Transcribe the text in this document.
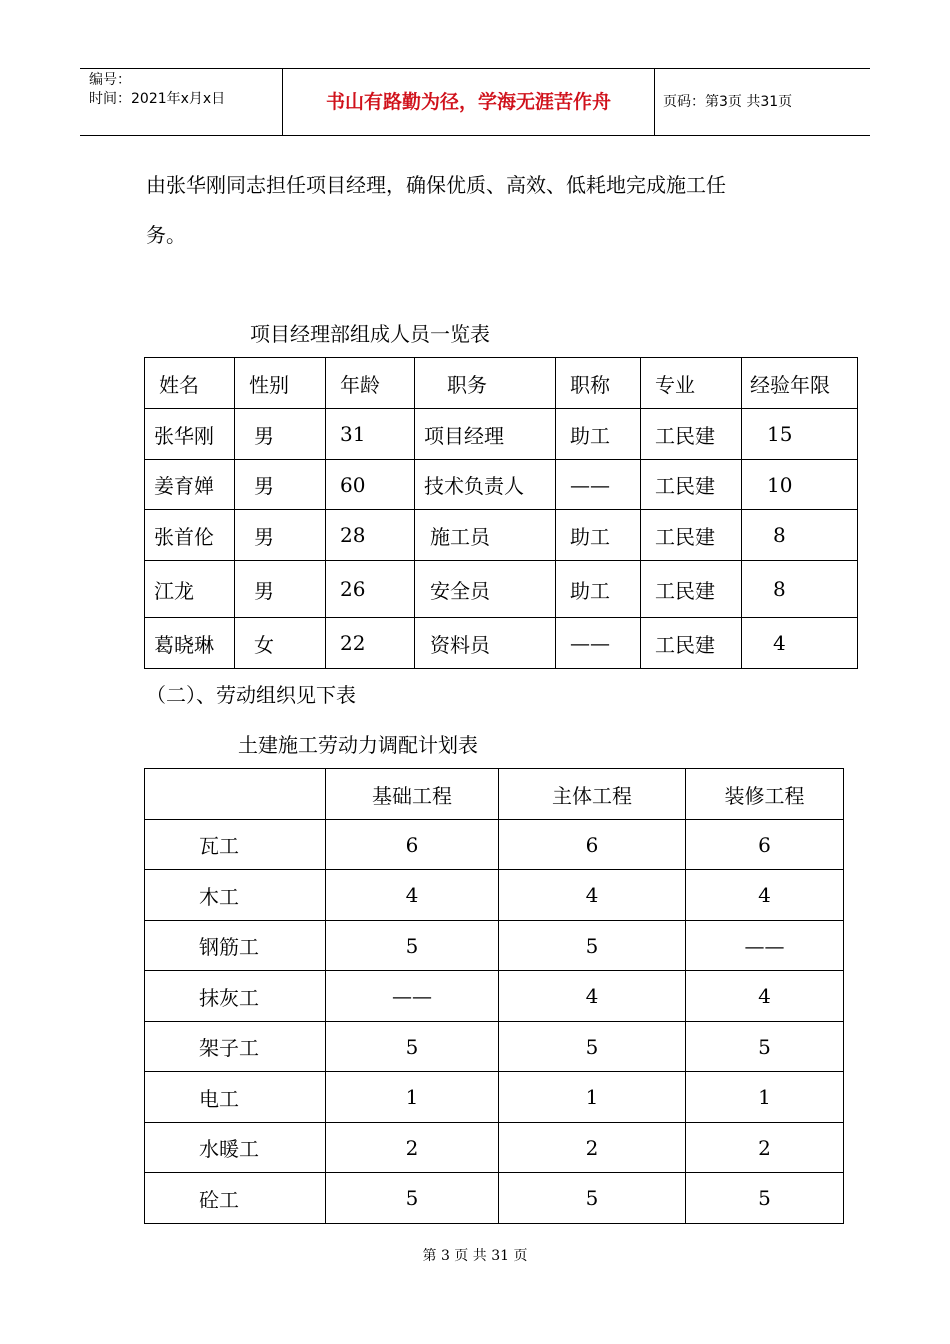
编号：
时间：2021年x月x日	书山有路勤为径，学海无涯苦作舟	页码：第3页 共31页
由张华刚同志担任项目经理，确保优质、高效、低耗地完成施工任
务。
项目经理部组成人员一览表
姓名	性别	年龄	职务	职称	专业	经验年限
张华刚	男	31	项目经理	助工	工民建	15
姜育婵	男	60	技术负责人	——	工民建	10
张首伦	男	28	施工员	助工	工民建	8
江龙	男	26	安全员	助工	工民建	8
葛晓琳	女	22	资料员	——	工民建	4
（二）、劳动组织见下表
土建施工劳动力调配计划表
	基础工程	主体工程	装修工程
瓦工	6	6	6
木工	4	4	4
钢筋工	5	5	——
抹灰工	——	4	4
架子工	5	5	5
电工	1	1	1
水暖工	2	2	2
砼工	5	5	5
第 3 页 共 31 页
